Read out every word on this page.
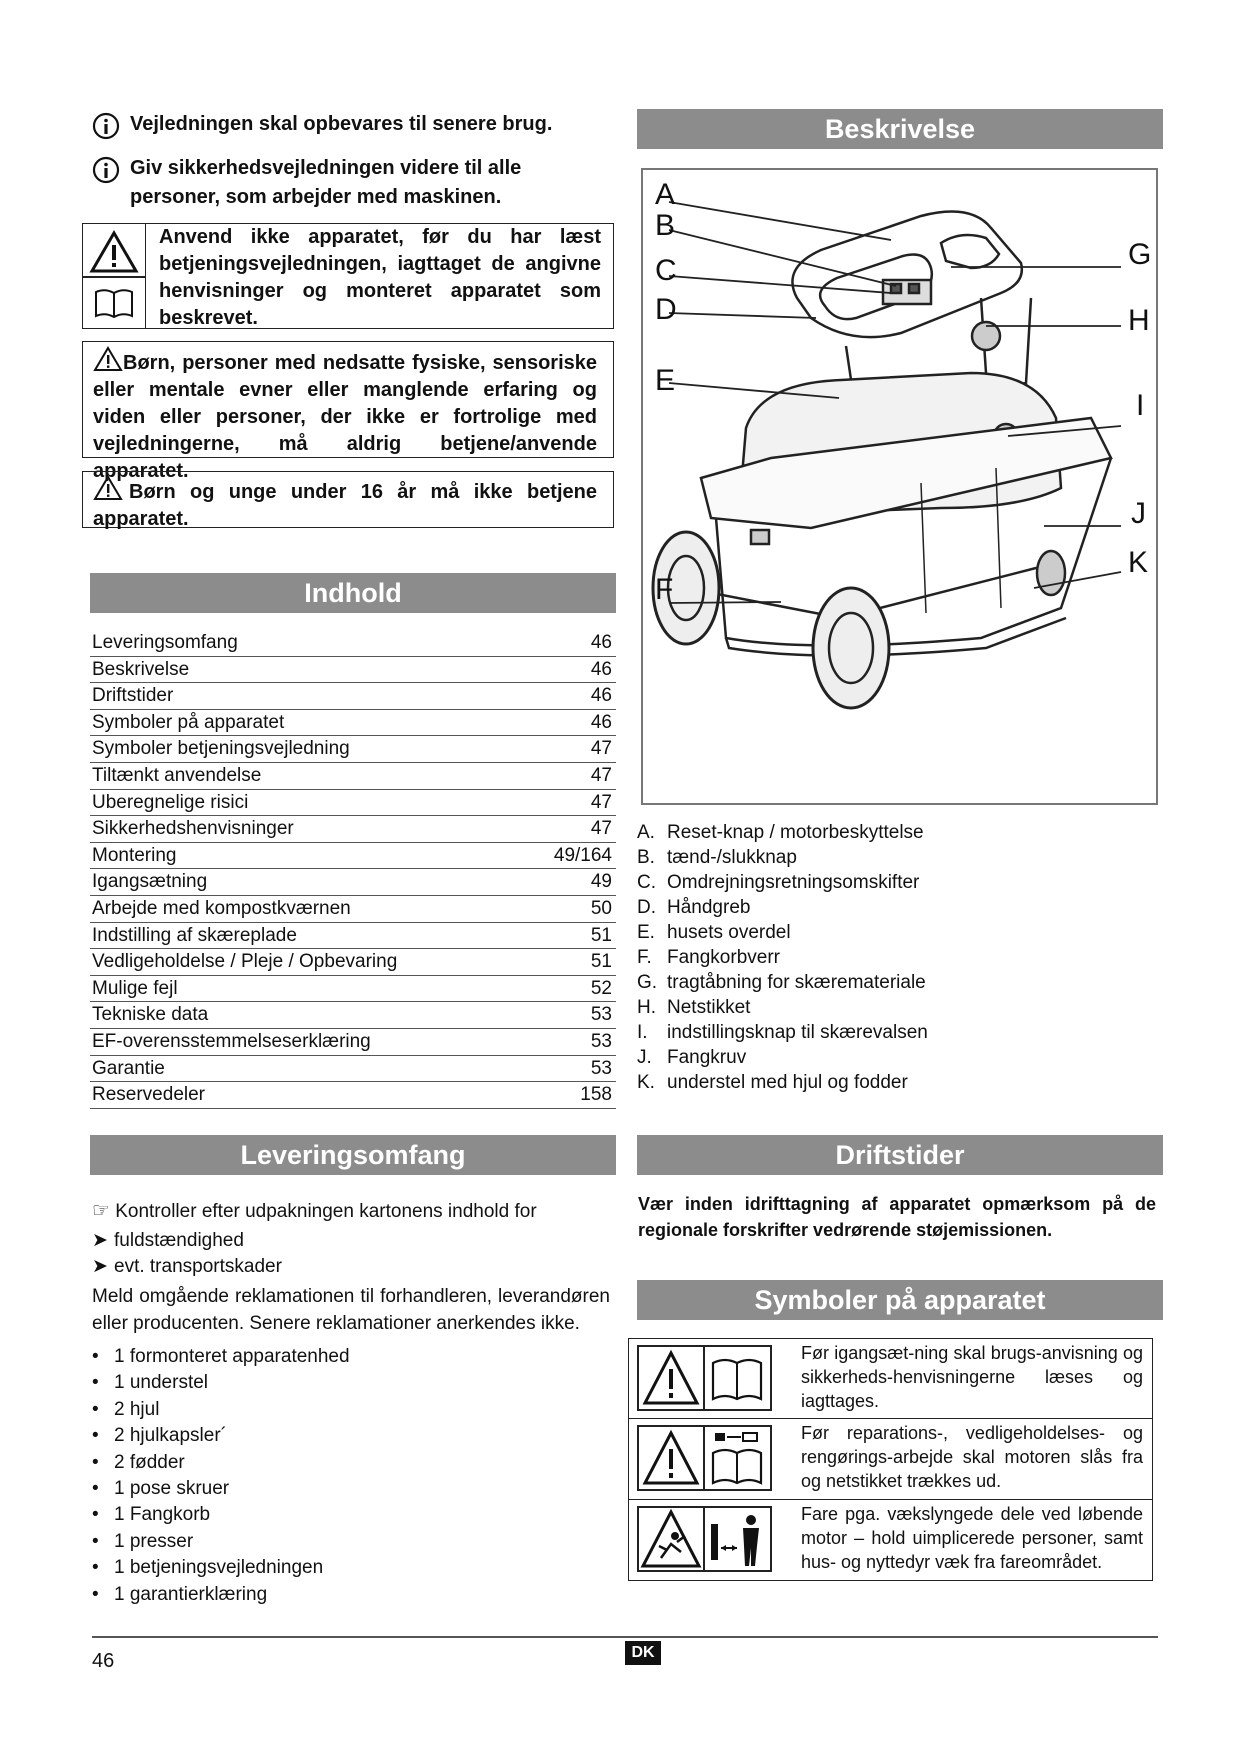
Vejledningen skal opbevares til senere brug.
Giv sikkerhedsvejledningen videre til alle personer, som arbejder med maskinen.
Anvend ikke apparatet, før du har læst betjeningsvejledningen, iagttaget de angivne henvisninger og monteret apparatet som beskrevet.
Børn, personer med nedsatte fysiske, sensoriske eller mentale evner eller manglende erfaring og viden eller personer, der ikke er fortrolige med vejledningerne, må aldrig betjene/anvende apparatet.
Børn og unge under 16 år må ikke betjene apparatet.
Indhold
Leveringsomfang	46
Beskrivelse	46
Driftstider	46
Symboler på apparatet	46
Symboler betjeningsvejledning	47
Tiltænkt anvendelse	47
Uberegnelige risici	47
Sikkerhedshenvisninger	47
Montering	49/164
Igangsætning	49
Arbejde med kompostkværnen	50
Indstilling af skæreplade	51
Vedligeholdelse / Pleje / Opbevaring	51
Mulige fejl	52
Tekniske data	53
EF-overensstemmelseserklæring	53
Garantie	53
Reservedeler	158
Beskrivelse
A
B
C
D
E
F
G
H
I
J
K
A. Reset-knap / motorbeskyttelse
B. tænd-/slukknap
C. Omdrejningsretningsomskifter
D. Håndgreb
E. husets overdel
F. Fangkorbverr
G. tragtåbning for skærematerialе
H. Netstikket
I. indstillingsknap til skærevalsen
J. Fangkruv
K. understel med hjul og fodder
Leveringsomfang
☞ Kontroller efter udpakningen kartonens indhold for
➤ fuldstændighed
➤ evt. transportskader
Meld omgående reklamationen til forhandleren, leverandøren eller producenten. Senere reklamationer anerkendes ikke.
• 1 formonteret apparatenhed
• 1 understel
• 2 hjul
• 2 hjulkapsler´
• 2 fødder
• 1 pose skruer
• 1 Fangkorb
• 1 presser
• 1 betjeningsvejledningen
• 1 garantierklæring
Driftstider
Vær inden idrifttagning af apparatet opmærksom på de regionale forskrifter vedrørende støjemissionen.
Symboler på apparatet
Før igangsæt-ning skal brugs-anvisning og sikkerheds-henvisningerne læses og iagttages.
Før reparations-, vedligeholdelses- og rengørings-arbejde skal motoren slås fra og netstikket trækkes ud.
Fare pga. vækslyngede dele ved løbende motor – hold uimplicerede personer, samt hus- og nyttedyr væk fra fareområdet.
46	DK
